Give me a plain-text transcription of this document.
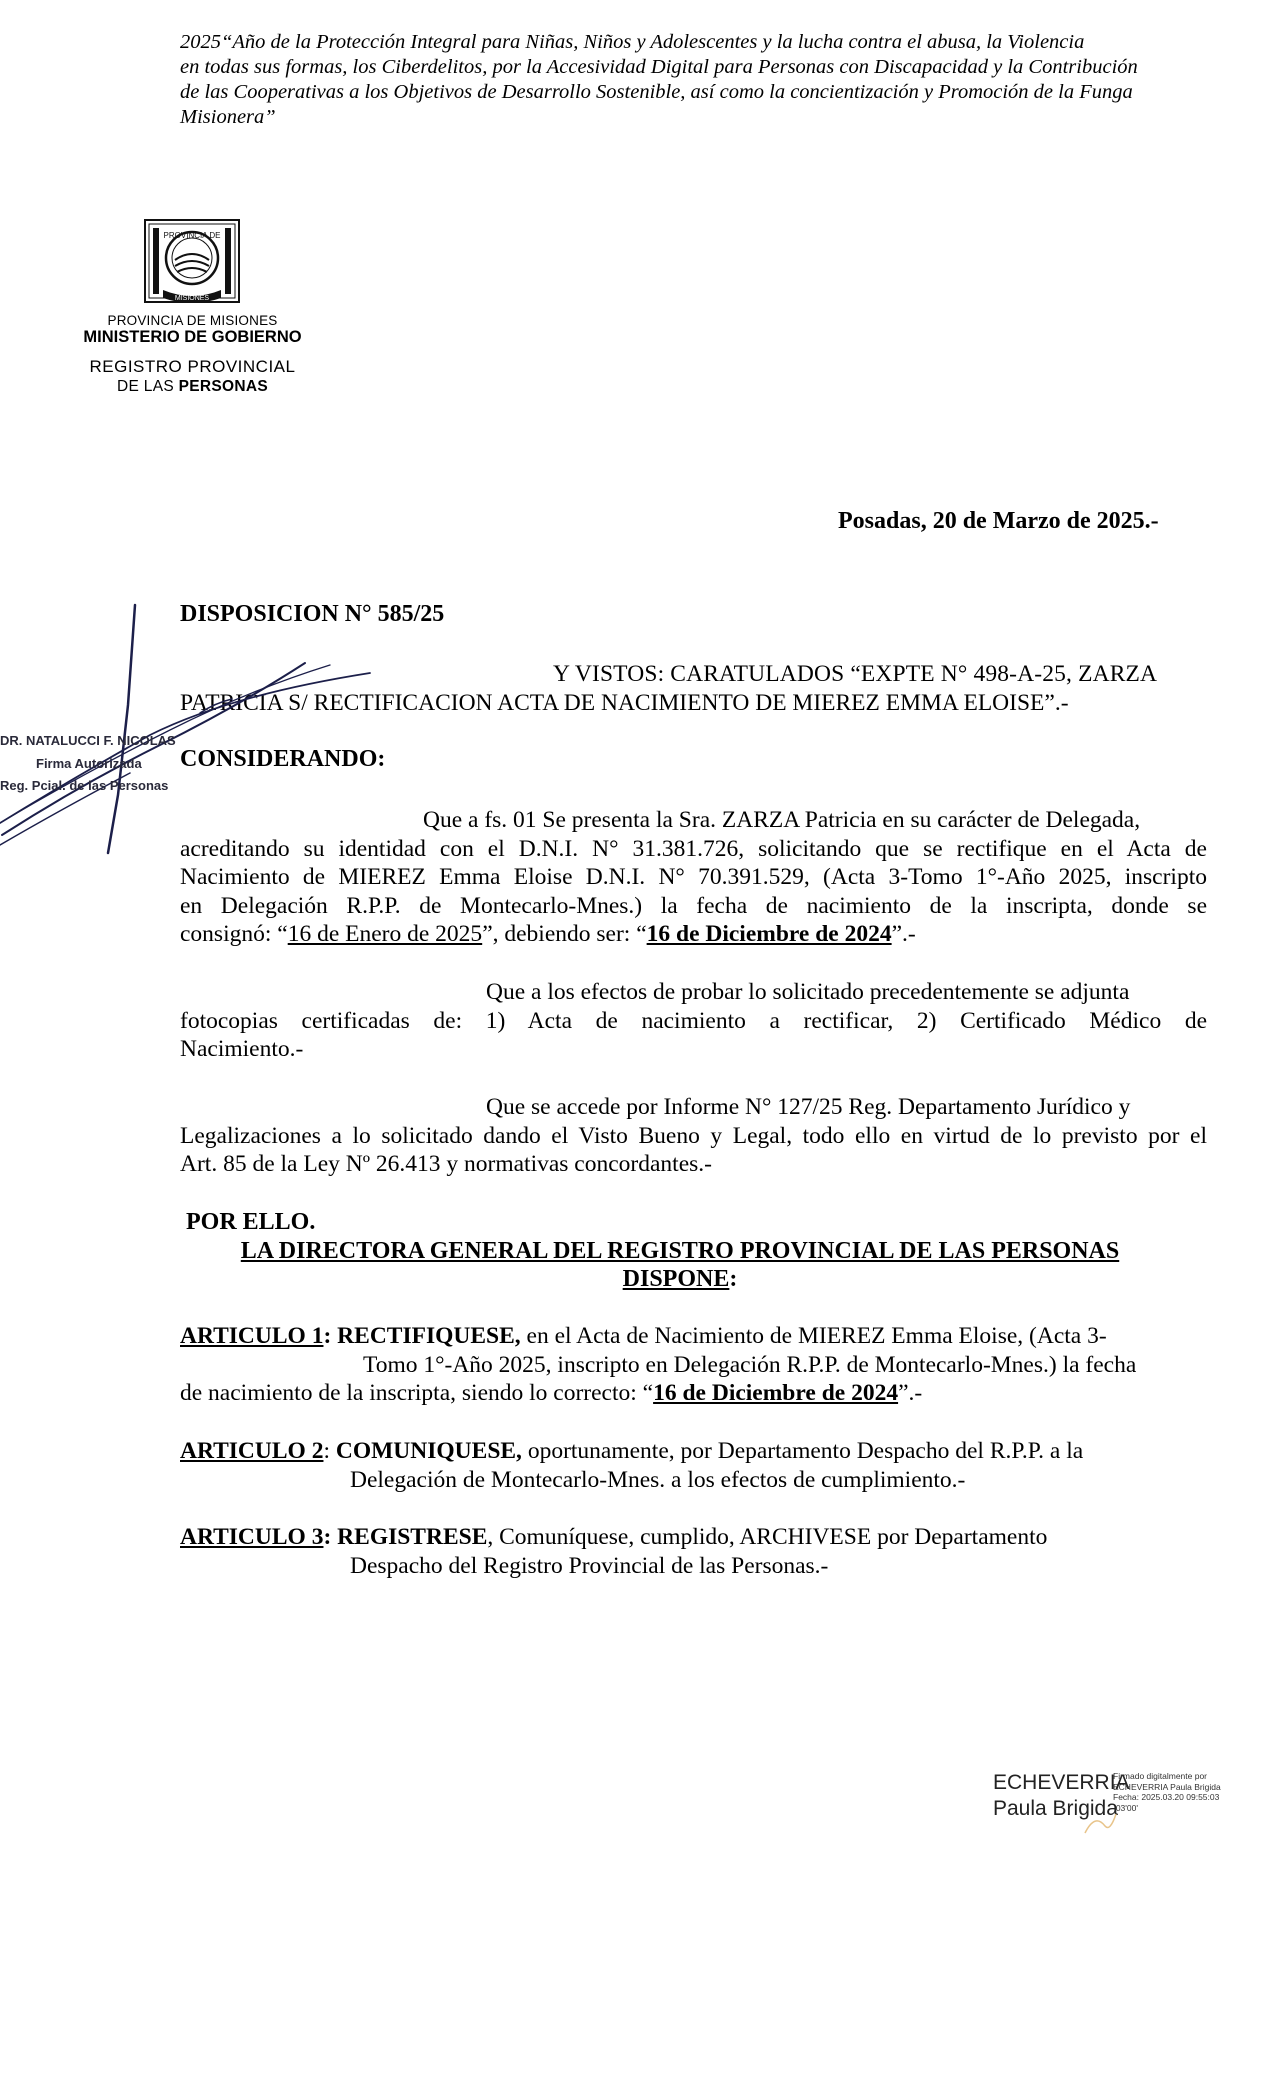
2025“Año de la Protección Integral para Niñas, Niños y Adolescentes y la lucha contra el abusa, la Violencia
en todas sus formas, los Ciberdelitos, por la Accesividad Digital para Personas con Discapacidad y la Contribución
de las Cooperativas a los Objetivos de Desarrollo Sostenible, así como la concientización y Promoción de la Funga
Misionera”
PROVINCIA DE
MISIONES
PROVINCIA DE MISIONES
MINISTERIO DE GOBIERNO
REGISTRO PROVINCIAL
DE LAS PERSONAS
Posadas, 20 de Marzo de 2025.-
DISPOSICION N° 585/25

Y VISTOS: CARATULADOS “EXPTE N° 498-A-25, ZARZA

PATRICIA S/ RECTIFICACION ACTA DE NACIMIENTO DE MIEREZ EMMA ELOISE”.-

CONSIDERANDO:

Que a fs. 01 Se presenta la Sra. ZARZA Patricia en su carácter de Delegada,

acreditando su identidad con el D.N.I. N° 31.381.726, solicitando que se rectifique en el Acta de

Nacimiento de MIEREZ Emma Eloise D.N.I. N° 70.391.529, (Acta 3-Tomo 1°-Año 2025, inscripto

en Delegación R.P.P. de Montecarlo-Mnes.) la fecha de nacimiento de la inscripta, donde se

consignó: “16 de Enero de 2025”, debiendo ser: “16 de Diciembre de 2024”.-

Que a los efectos de probar lo solicitado precedentemente se adjunta

fotocopias certificadas de: 1) Acta de nacimiento a rectificar, 2) Certificado Médico de

Nacimiento.-

Que se accede por Informe N° 127/25 Reg. Departamento Jurídico y

Legalizaciones a lo solicitado dando el Visto Bueno y Legal, todo ello en virtud de lo previsto por el

Art. 85 de la Ley Nº 26.413 y normativas concordantes.-

POR ELLO.
LA DIRECTORA GENERAL DEL REGISTRO PROVINCIAL DE LAS PERSONAS
DISPONE:

ARTICULO 1: RECTIFIQUESE, en el Acta de Nacimiento de MIEREZ Emma Eloise, (Acta 3-

Tomo 1°-Año 2025, inscripto en Delegación R.P.P. de Montecarlo-Mnes.) la fecha

de nacimiento de la inscripta, siendo lo correcto: “16 de Diciembre de 2024”.-

ARTICULO 2: COMUNIQUESE, oportunamente, por Departamento Despacho del R.P.P. a la

Delegación de Montecarlo-Mnes. a los efectos de cumplimiento.-

ARTICULO 3: REGISTRESE, Comuníquese, cumplido, ARCHIVESE por Departamento

Despacho del Registro Provincial de las Personas.-

DR. NATALUCCI F. NICOLAS
Firma Autorizada
Reg. Pcial. de las Personas
ECHEVERRIA
Paula Brigida
Firmado digitalmente por
ECHEVERRIA Paula Brigida
Fecha: 2025.03.20 09:55:03
-03'00'
